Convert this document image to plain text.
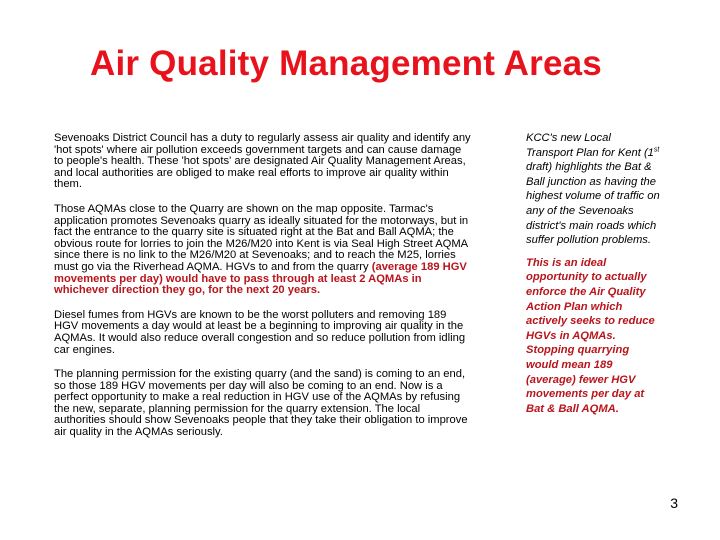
Air Quality Management Areas

Sevenoaks District Council has a duty to regularly assess air quality and identify any 'hot spots' where air pollution exceeds government targets and can cause damage to people's health. These 'hot spots' are designated Air Quality Management Areas, and local authorities are obliged to make real efforts to improve air quality within them.

Those AQMAs close to the Quarry are shown on the map opposite. Tarmac's application promotes Sevenoaks quarry as ideally situated for the motorways, but in fact the entrance to the quarry site is situated right at the Bat and Ball AQMA; the obvious route for lorries to join the M26/M20 into Kent is via Seal High Street AQMA since there is no link to the M26/M20 at Sevenoaks; and to reach the M25, lorries must go via the Riverhead AQMA. HGVs to and from the quarry (average 189 HGV movements per day) would have to pass through at least 2 AQMAs in whichever direction they go, for the next 20 years.

Diesel fumes from HGVs are known to be the worst polluters and removing 189 HGV movements a day would at least be a beginning to improving air quality in the AQMAs. It would also reduce overall congestion and so reduce pollution from idling car engines.

The planning permission for the existing quarry (and the sand) is coming to an end, so those 189 HGV movements per day will also be coming to an end. Now is a perfect opportunity to make a real reduction in HGV use of the AQMAs by refusing the new, separate, planning permission for the quarry extension. The local authorities should show Sevenoaks people that they take their obligation to improve air quality in the AQMAs seriously.

KCC's new Local Transport Plan for Kent (1st draft) highlights the Bat & Ball junction as having the highest volume of traffic on any of the Sevenoaks district's main roads which suffer pollution problems.

This is an ideal opportunity to actually enforce the Air Quality Action Plan which actively seeks to reduce HGVs in AQMAs. Stopping quarrying would mean 189 (average) fewer HGV movements per day at Bat & Ball AQMA.

3
